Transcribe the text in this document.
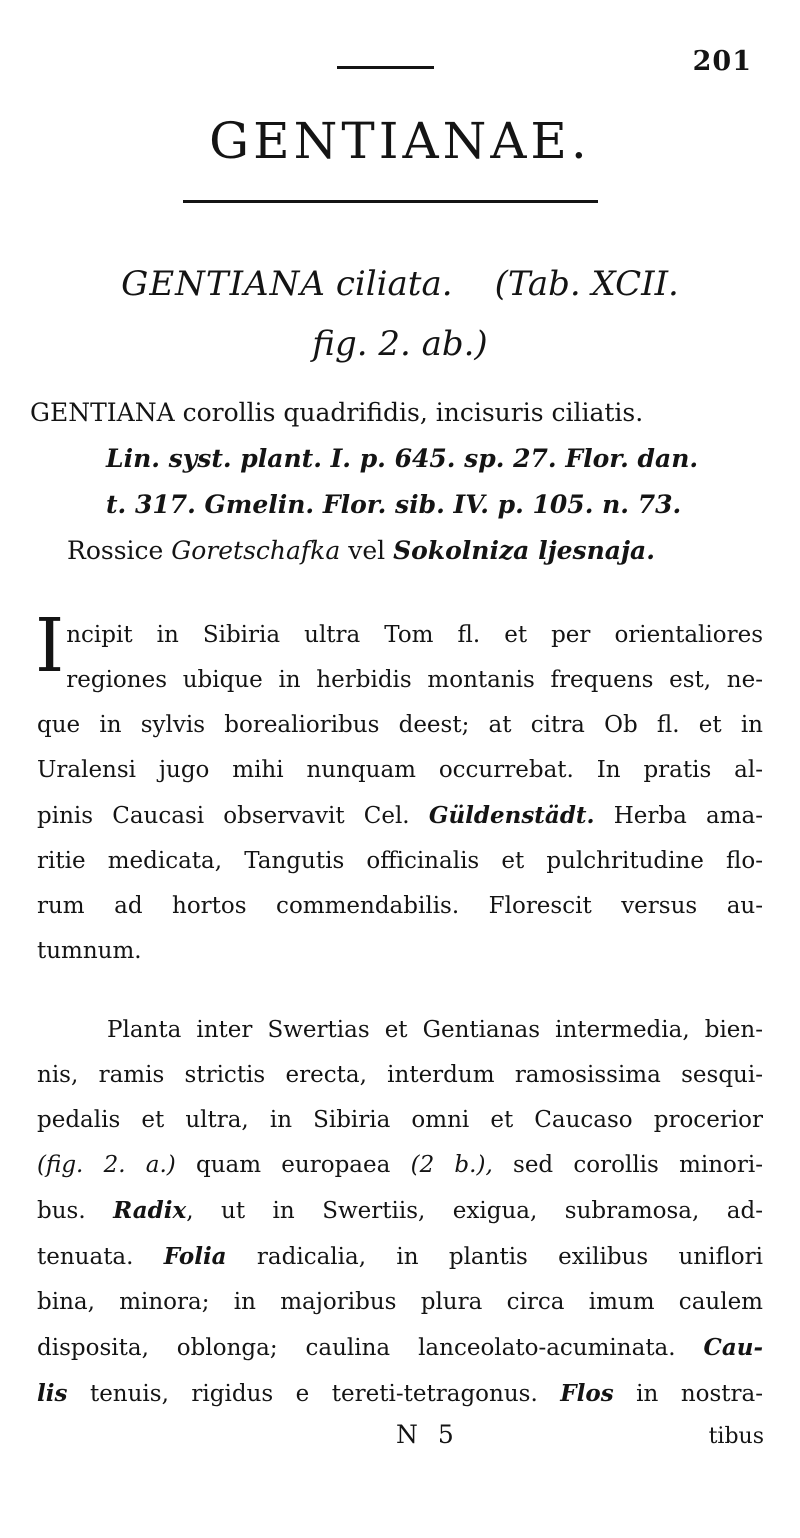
201
GENTIANAE.
GENTIANA ciliata. (Tab. XCII.
fig. 2. ab.)
GENTIANA corollis quadrifidis, incisuris ciliatis.
Lin. syst. plant. I. p. 645. sp. 27. Flor. dan.
t. 317. Gmelin. Flor. sib. IV. p. 105. n. 73.
Rossice Goretschafka vel Sokolniza ljesnaja.
I ncipit in Sibiria ultra Tom fl. et per orientaliores
regiones ubique in herbidis montanis frequens est, ne-
que in sylvis borealioribus deest; at citra Ob fl. et in
Uralensi jugo mihi nunquam occurrebat. In pratis al-
pinis Caucasi observavit Cel. Güldenstädt. Herba ama-
ritie medicata, Tangutis officinalis et pulchritudine flo-
rum ad hortos commendabilis. Florescit versus au-
tumnum.
Planta inter Swertias et Gentianas intermedia, bien-
nis, ramis strictis erecta, interdum ramosissima sesqui-
pedalis et ultra, in Sibiria omni et Caucaso procerior
(fig. 2. a.) quam europaea (2 b.), sed corollis minori-
bus. Radix, ut in Swertiis, exigua, subramosa, ad-
tenuata. Folia radicalia, in plantis exilibus uniflori
bina, minora; in majoribus plura circa imum caulem
disposita, oblonga; caulina lanceolato-acuminata. Cau-
lis tenuis, rigidus e tereti-tetragonus. Flos in nostra-
N 5	tibus
